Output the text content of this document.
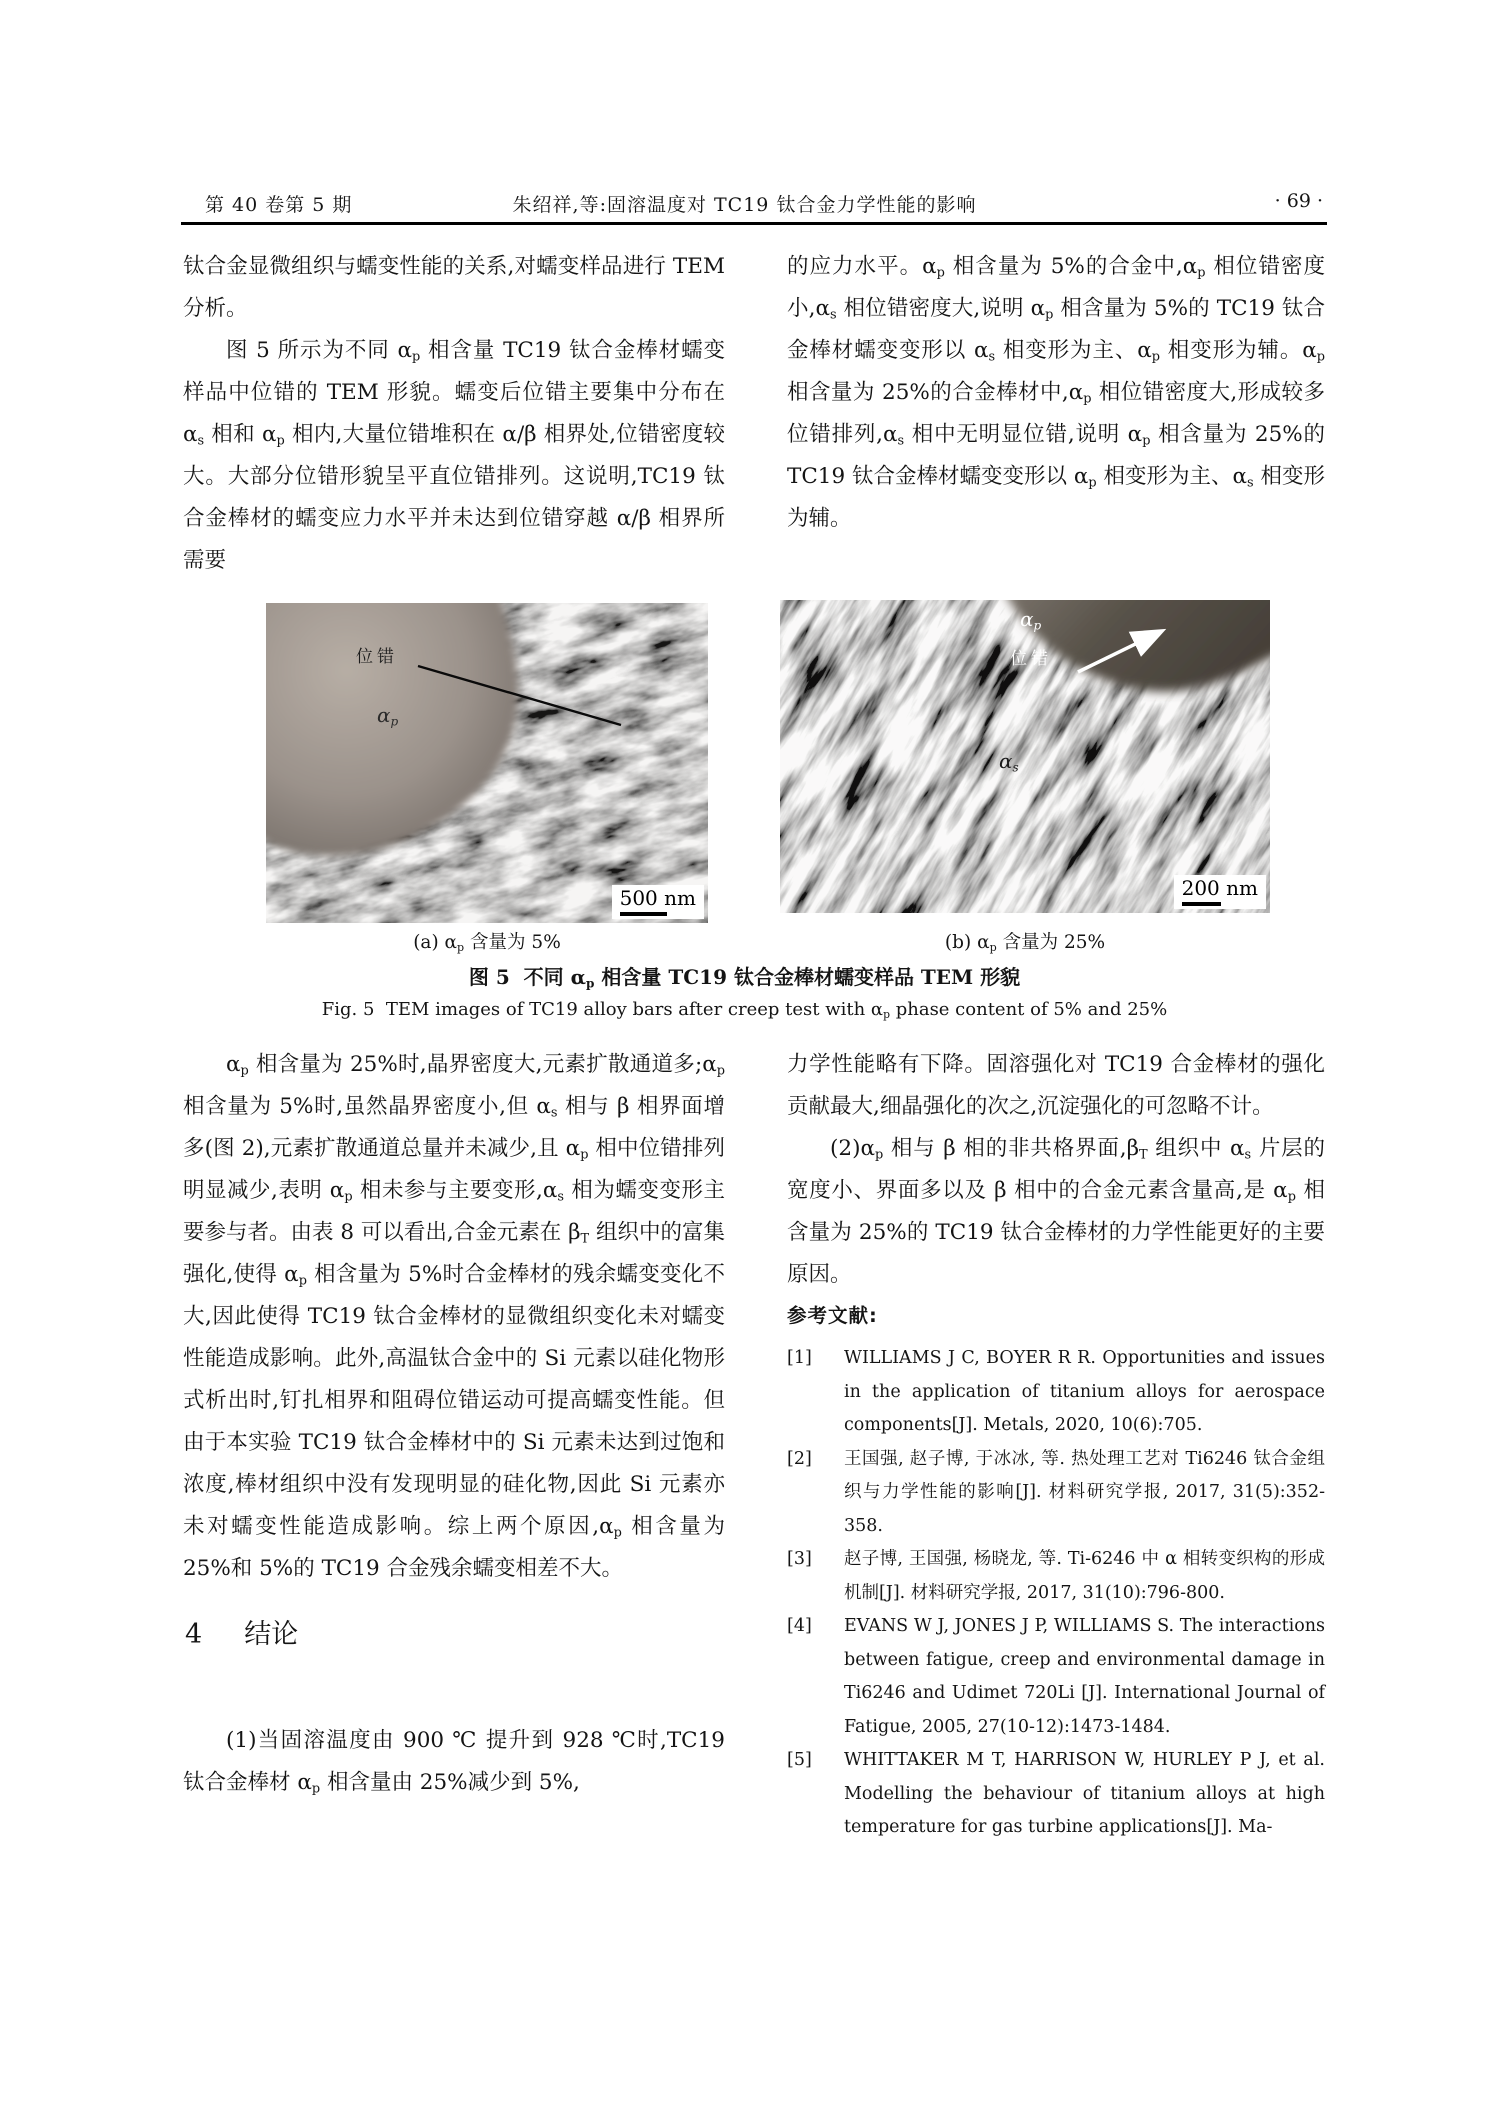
第 40 卷第 5 期	朱绍祥,等:固溶温度对 TC19 钛合金力学性能的影响	· 69 ·

钛合金显微组织与蠕变性能的关系,对蠕变样品进行 TEM 分析。

图 5 所示为不同 $\alpha_p$ 相含量 TC19 钛合金棒材蠕变样品中位错的 TEM 形貌。蠕变后位错主要集中分布在 $\alpha_s$ 相和 $\alpha_p$ 相内,大量位错堆积在 α/β 相界处,位错密度较大。大部分位错形貌呈平直位错排列。这说明,TC19 钛合金棒材的蠕变应力水平并未达到位错穿越 α/β 相界所需要

的应力水平。$\alpha_p$ 相含量为 5%的合金中$,\alpha_p$ 相位错密度小$,\alpha_s$ 相位错密度大,说明 $\alpha_p$ 相含量为 5%的 TC19 钛合金棒材蠕变变形以 $\alpha_s$ 相变形为主、$\alpha_p$ 相变形为辅。$\alpha_p$ 相含量为 25%的合金棒材中$,\alpha_p$ 相位错密度大,形成较多位错排列$,\alpha_s$ 相中无明显位错,说明 $\alpha_p$ 相含量为 25%的 TC19 钛合金棒材蠕变变形以 $\alpha_p$ 相变形为主、$\alpha_s$ 相变形为辅。

位错
$\alpha_p$
500 nm
$\alpha_p$
位错
$\alpha_s$
200 nm
(a) $\alpha_p$ 含量为 5%	(b) $\alpha_p$ 含量为 25%
图 5  不同 $\alpha_p$ 相含量 TC19 钛合金棒材蠕变样品 TEM 形貌
Fig. 5  TEM images of TC19 alloy bars after creep test with $\alpha_p$ phase content of 5% and 25%

$\alpha_p$ 相含量为 25%时,晶界密度大,元素扩散通道多$;\alpha_p$ 相含量为 5%时,虽然晶界密度小,但 $\alpha_s$ 相与 β 相界面增多(图 2),元素扩散通道总量并未减少,且 $\alpha_p$ 相中位错排列明显减少,表明 $\alpha_p$ 相未参与主要变形$,\alpha_s$ 相为蠕变变形主要参与者。由表 8 可以看出,合金元素在 $\beta_T$ 组织中的富集强化,使得 $\alpha_p$ 相含量为 5%时合金棒材的残余蠕变变化不大,因此使得 TC19 钛合金棒材的显微组织变化未对蠕变性能造成影响。此外,高温钛合金中的 Si 元素以硅化物形式析出时,钉扎相界和阻碍位错运动可提高蠕变性能。但由于本实验 TC19 钛合金棒材中的 Si 元素未达到过饱和浓度,棒材组织中没有发现明显的硅化物,因此 Si 元素亦未对蠕变性能造成影响。综上两个原因$,\alpha_p$ 相含量为 25%和 5%的 TC19 合金残余蠕变相差不大。

4 结论

(1)当固溶温度由 900 ℃ 提升到 928 ℃时,TC19 钛合金棒材 $\alpha_p$ 相含量由 25%减少到 5%,

力学性能略有下降。固溶强化对 TC19 合金棒材的强化贡献最大,细晶强化的次之,沉淀强化的可忽略不计。

$(2)\alpha_p$ 相与 β 相的非共格界面$,\beta_T$ 组织中 $\alpha_s$ 片层的宽度小、界面多以及 β 相中的合金元素含量高,是 $\alpha_p$ 相含量为 25%的 TC19 钛合金棒材的力学性能更好的主要原因。

参考文献:

[1]	WILLIAMS J C, BOYER R R. Opportunities and issues in the application of titanium alloys for aerospace components[J]. Metals, 2020, 10(6):705.
[2]	王国强, 赵子博, 于冰冰, 等. 热处理工艺对 Ti6246 钛合金组织与力学性能的影响[J]. 材料研究学报, 2017, 31(5):352-358.
[3]	赵子博, 王国强, 杨晓龙, 等. Ti-6246 中 α 相转变织构的形成机制[J]. 材料研究学报, 2017, 31(10):796-800.
[4]	EVANS W J, JONES J P, WILLIAMS S. The interactions between fatigue, creep and environmental damage in Ti6246 and Udimet 720Li [J]. International Journal of Fatigue, 2005, 27(10-12):1473-1484.
[5]	WHITTAKER M T, HARRISON W, HURLEY P J, et al. Modelling the behaviour of titanium alloys at high temperature for gas turbine applications[J]. Ma-
